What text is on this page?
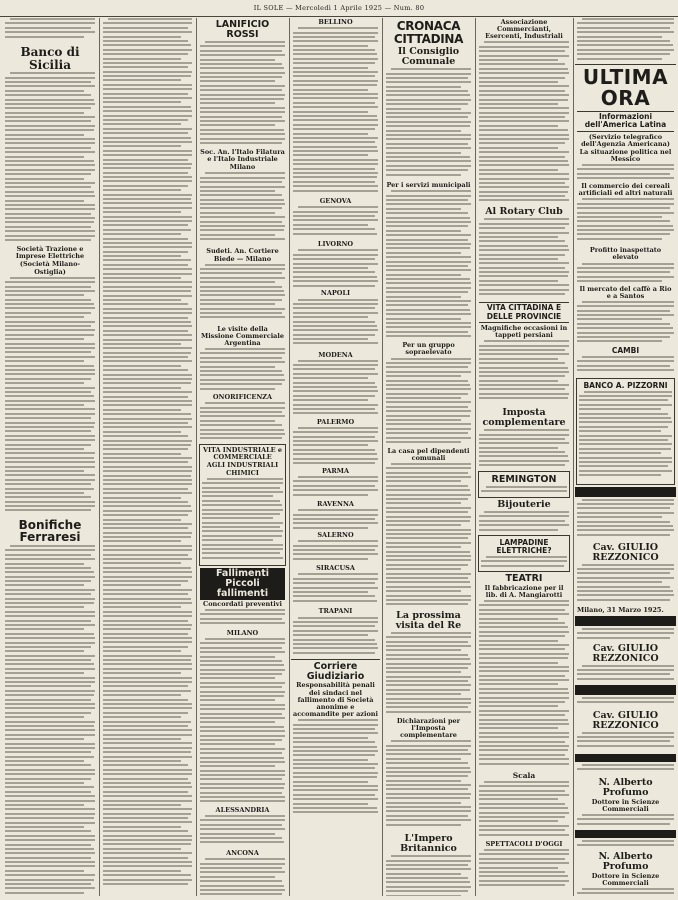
IL SOLE — Mercoledì 1 Aprile 1925 — Num. 80
Banco di Sicilia
Società Trazione e Imprese Elettriche
(Società Milano-Ostiglia)
Bonifiche Ferraresi
LANIFICIO ROSSI
Soc. An. l'Italo Filatura e l'Italo Industriale
Milano
Sudeti. An. Cortiere Biede — Milano
Le visite della Missione Commerciale Argentina
ONORIFICENZA
VITA INDUSTRIALE e COMMERCIALE
AGLI INDUSTRIALI CHIMICI
Fallimenti Piccoli fallimenti
Concordati preventivi
MILANO
ALESSANDRIA
ANCONA
BELLINO
GENOVA
LIVORNO
NAPOLI
MODENA
PALERMO
PARMA
RAVENNA
SALERNO
SIRACUSA
TRAPANI
Corriere Giudiziario
Responsabilità penali dei sindaci nel fallimento di Società anonime e accomandite per azioni
CRONACA CITTADINA
Il Consiglio Comunale
Per i servizi municipali
Per un gruppo sopraelevato
La casa pel dipendenti comunali
La prossima visita del Re
Dichiarazioni per l'Imposta complementare
L'Impero Britannico
Associazione Commercianti, Esercenti, Industriali
Al Rotary Club
VITA CITTADINA E DELLE PROVINCIE
Magnifiche occasioni in tappeti persiani
Imposta complementare
REMINGTON
Bijouterie
LAMPADINE ELETTRICHE?
TEATRI
Il fabbricazione per il lib. di A. Mangiarotti
Scala
SPETTACOLI D'OGGI
ULTIMA ORA
Informazioni dell'America Latina
(Servizio telegrafico dell'Agenzia Americana)
La situazione politica nel Messico
Il commercio dei cereali artificiali ed altri naturali
Profitto inaspettato elevato
Il mercato del caffè a Rio e a Santos
CAMBI
BANCO A. PIZZORNI
Cav. GIULIO REZZONICO
Milano, 31 Marzo 1925.
Cav. GIULIO REZZONICO
Cav. GIULIO REZZONICO
N. Alberto Profumo
Dottore in Scienze Commerciali
N. Alberto Profumo
Dottore in Scienze Commerciali
